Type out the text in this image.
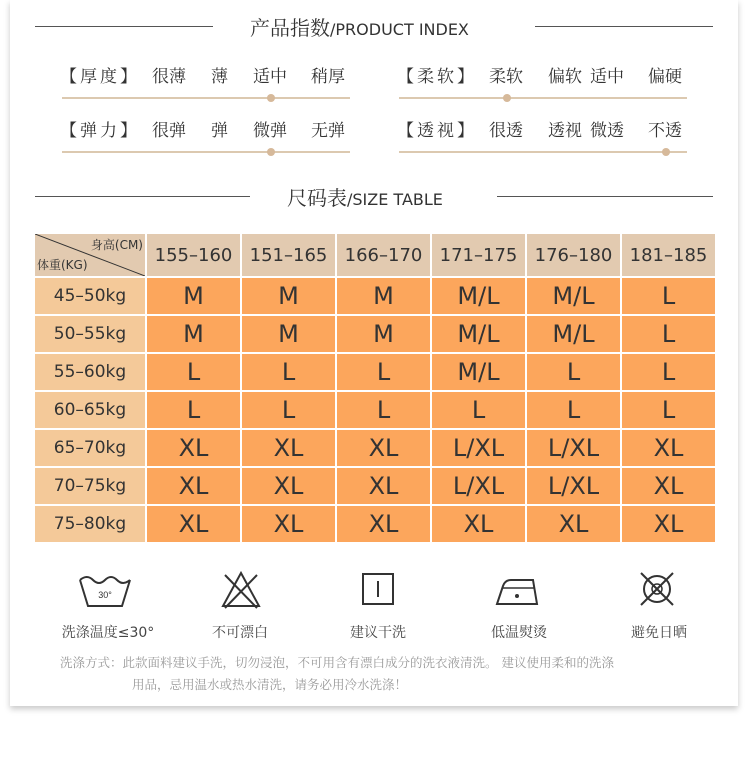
产品指数/PRODUCT INDEX
【厚度】 很薄 薄 适中 稍厚	【柔软】 柔软 偏软 适中 偏硬
【弹力】 很弹 弹 微弹 无弹	【透视】 很透 透视 微透 不透
尺码表/SIZE TABLE
身高(CM)
体重(KG)	155–160 151–165 166–170 171–175 176–180 181–185
45–50kg	M	M	M	M/L	M/L	L
50–55kg	M	M	M	M/L	M/L	L
55–60kg	L	L	L	M/L	L	L
60–65kg	L	L	L	L	L	L
65–70kg	XL	XL	XL	L/XL	L/XL	XL
70–75kg	XL	XL	XL	L/XL	L/XL	XL
75–80kg	XL	XL	XL	XL	XL	XL
30°
洗涤温度≤30°	不可漂白	建议干洗	低温熨烫	避免日晒
洗涤方式：此款面料建议手洗，切勿浸泡，不可用含有漂白成分的洗衣液清洗。 建议使用柔和的洗涤
用品，忌用温水或热水清洗，请务必用冷水洗涤！
